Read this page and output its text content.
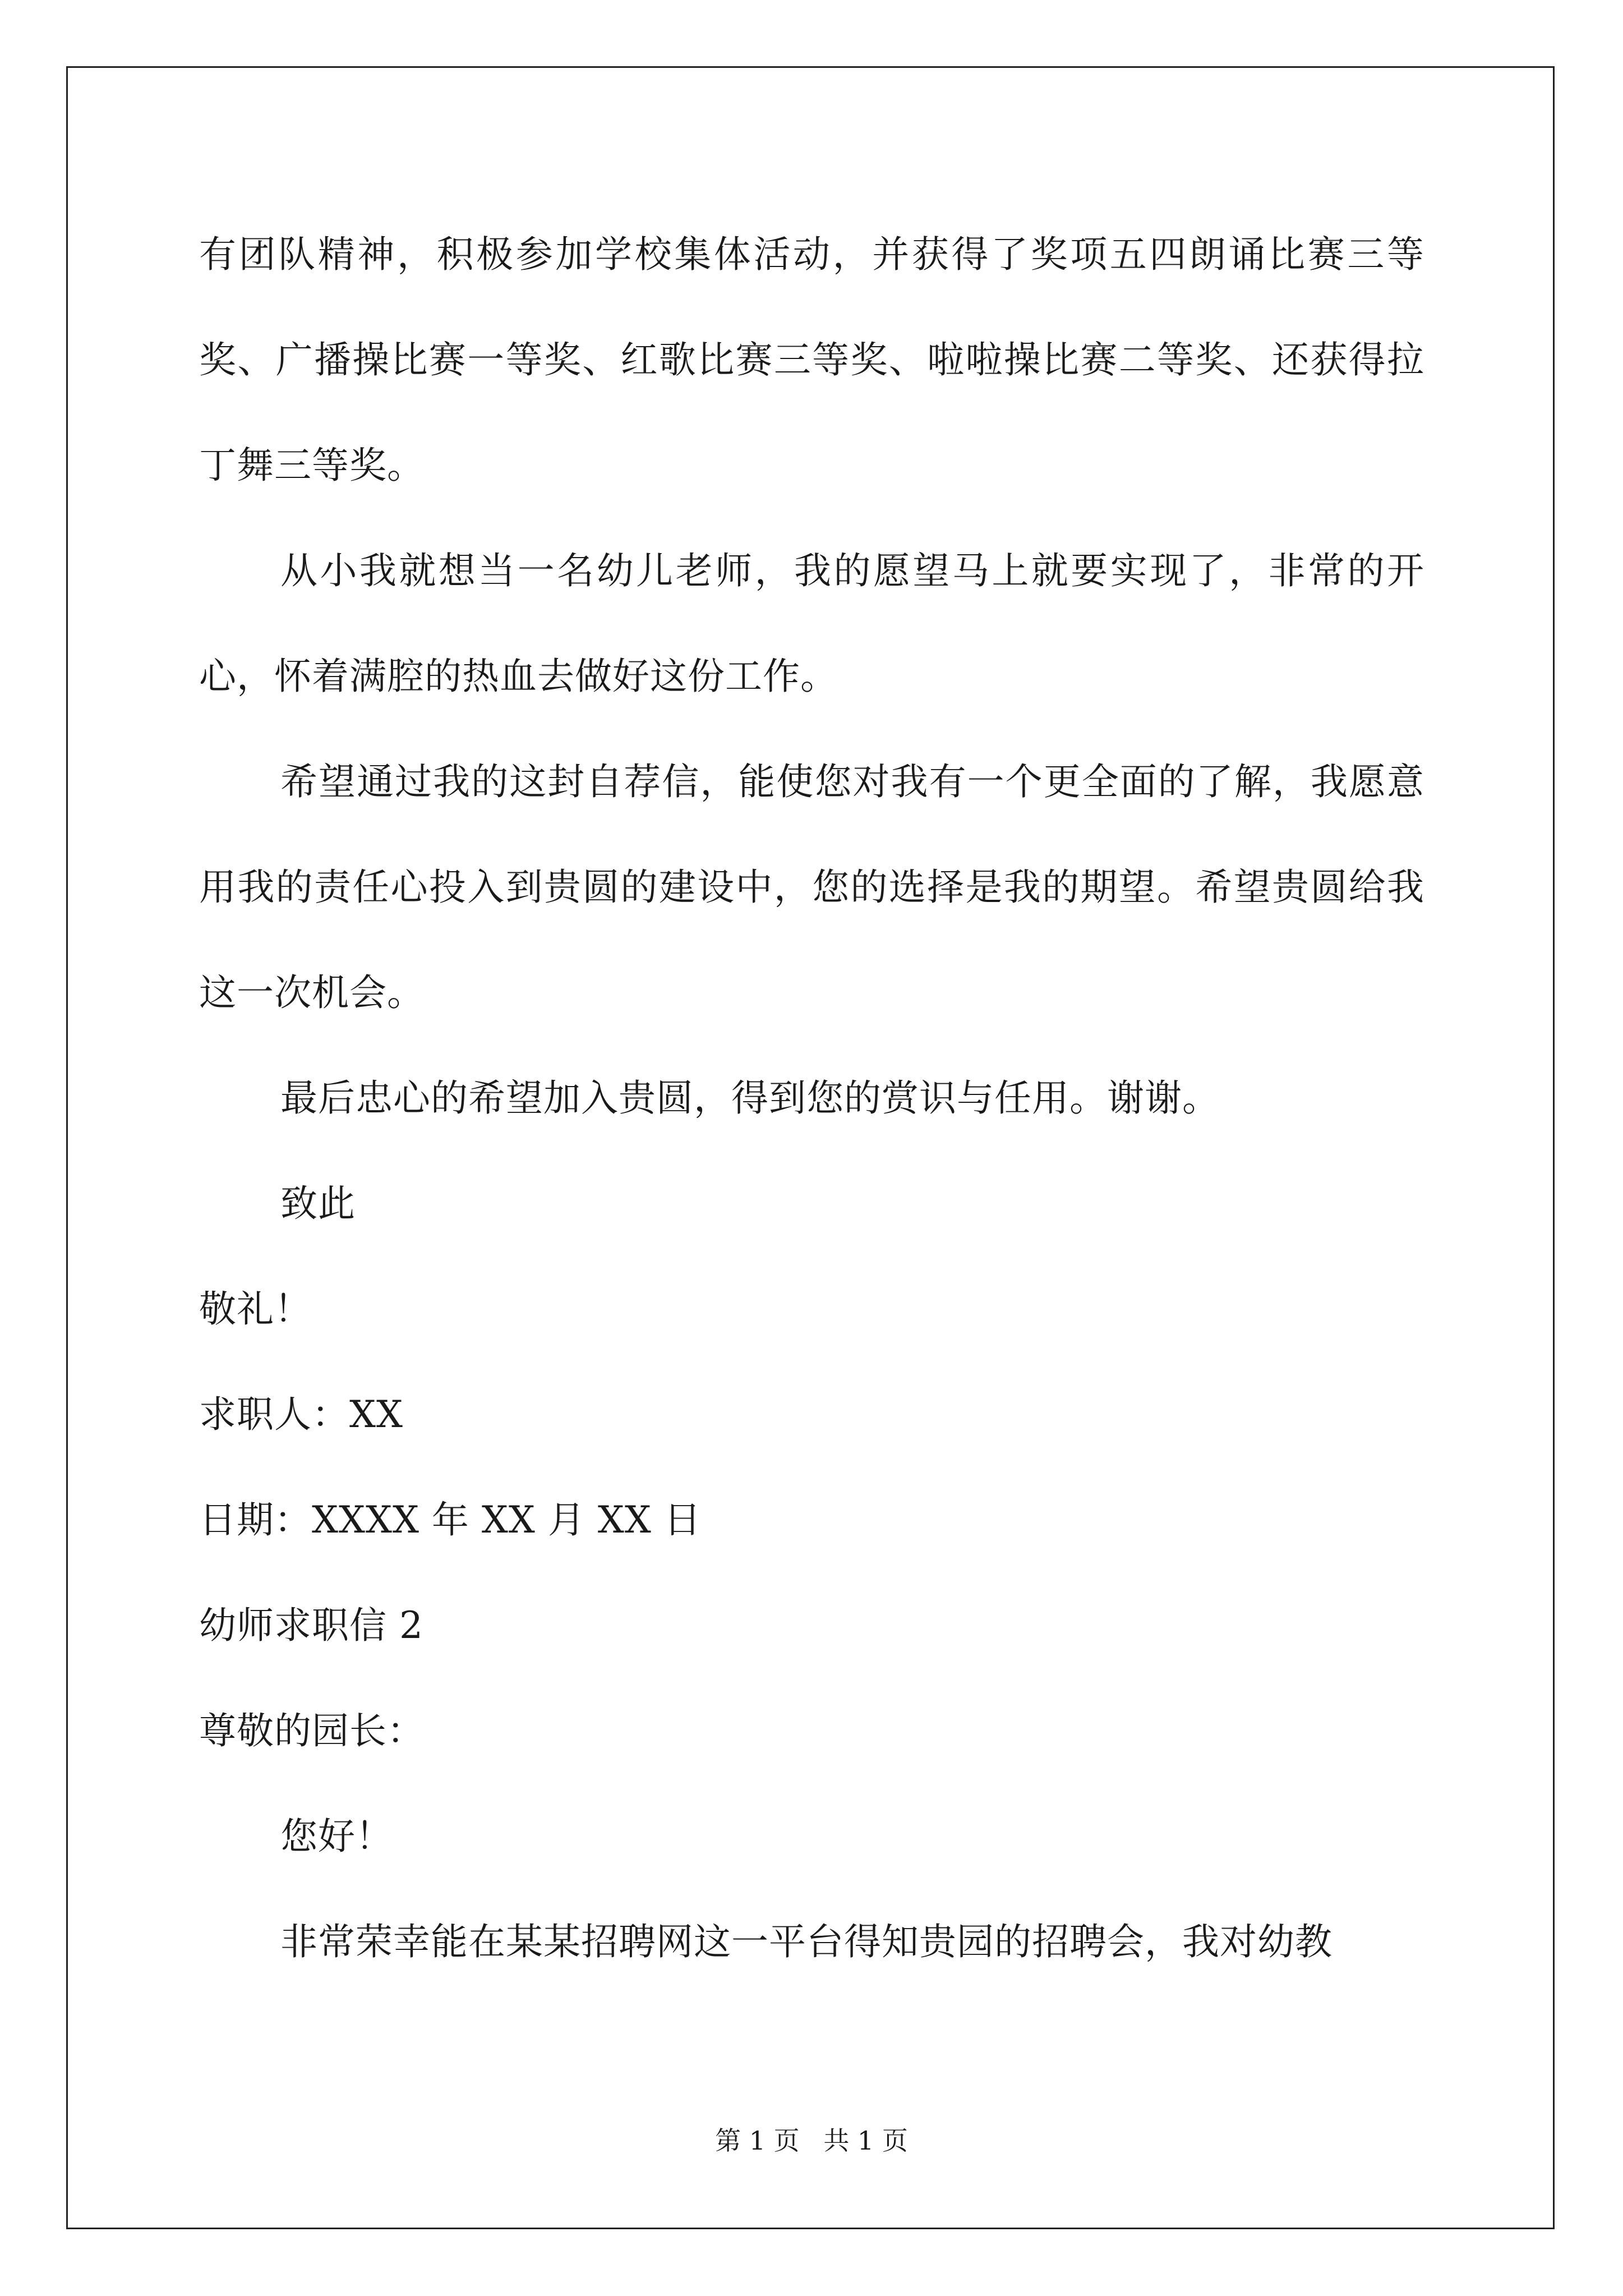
有团队精神，积极参加学校集体活动，并获得了奖项五四朗诵比赛三等奖、广播操比赛一等奖、红歌比赛三等奖、啦啦操比赛二等奖、还获得拉丁舞三等奖。

从小我就想当一名幼儿老师，我的愿望马上就要实现了，非常的开心，怀着满腔的热血去做好这份工作。

希望通过我的这封自荐信，能使您对我有一个更全面的了解，我愿意用我的责任心投入到贵圆的建设中，您的选择是我的期望。希望贵圆给我这一次机会。

最后忠心的希望加入贵圆，得到您的赏识与任用。谢谢。

致此

敬礼！

求职人：XX

日期：XXXX 年 XX 月 XX 日

幼师求职信 2

尊敬的园长：

您好！

非常荣幸能在某某招聘网这一平台得知贵园的招聘会，我对幼教

第 1 页 共 1 页
